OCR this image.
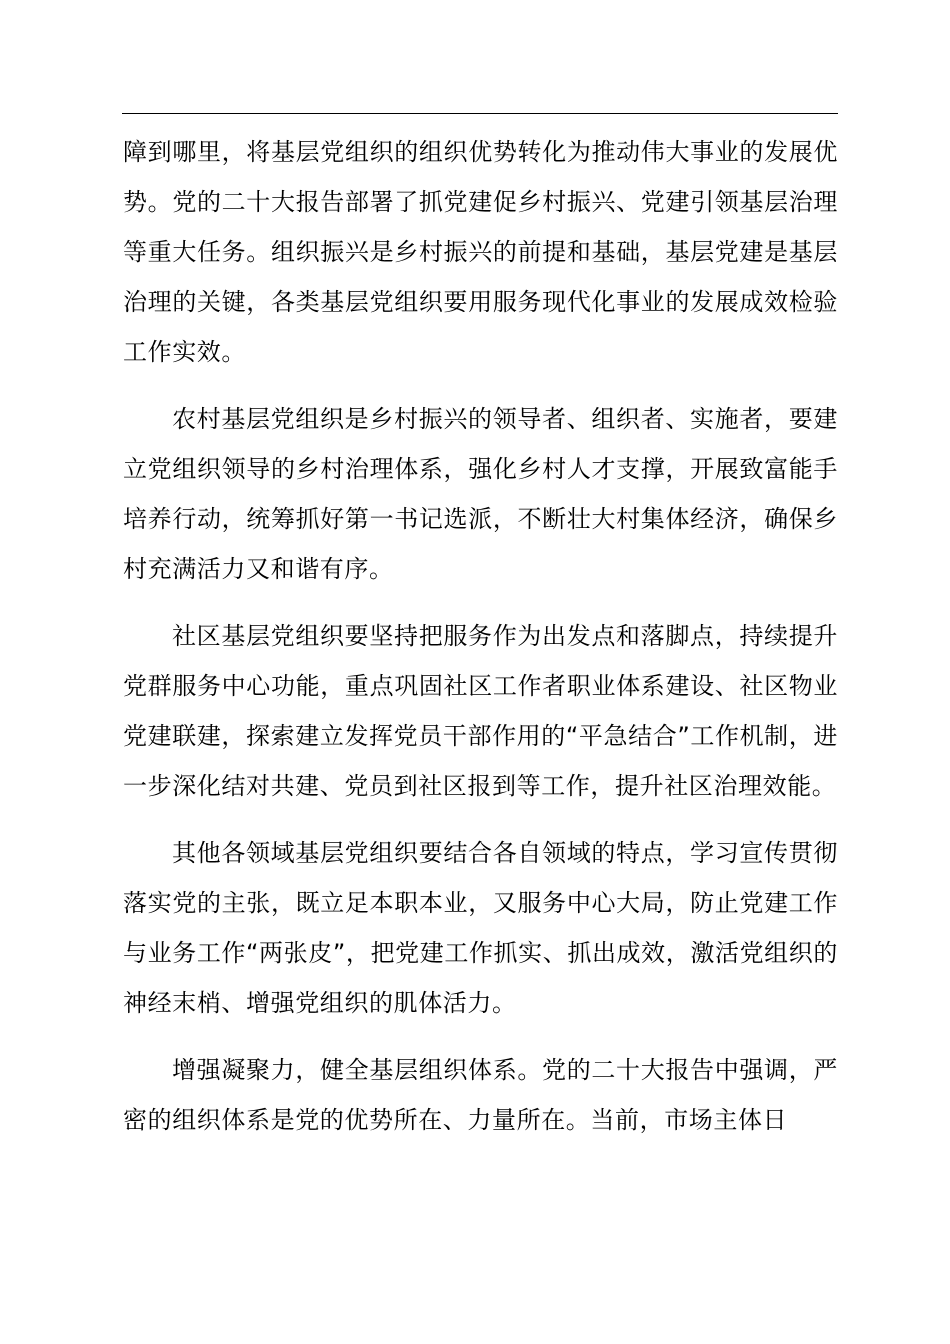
障到哪里，将基层党组织的组织优势转化为推动伟大事业的发展优势。党的二十大报告部署了抓党建促乡村振兴、党建引领基层治理等重大任务。组织振兴是乡村振兴的前提和基础，基层党建是基层治理的关键，各类基层党组织要用服务现代化事业的发展成效检验工作实效。

农村基层党组织是乡村振兴的领导者、组织者、实施者，要建立党组织领导的乡村治理体系，强化乡村人才支撑，开展致富能手培养行动，统筹抓好第一书记选派，不断壮大村集体经济，确保乡村充满活力又和谐有序。

社区基层党组织要坚持把服务作为出发点和落脚点，持续提升党群服务中心功能，重点巩固社区工作者职业体系建设、社区物业党建联建，探索建立发挥党员干部作用的“平急结合”工作机制，进一步深化结对共建、党员到社区报到等工作，提升社区治理效能。

其他各领域基层党组织要结合各自领域的特点，学习宣传贯彻落实党的主张，既立足本职本业，又服务中心大局，防止党建工作与业务工作“两张皮”，把党建工作抓实、抓出成效，激活党组织的神经末梢、增强党组织的肌体活力。

增强凝聚力，健全基层组织体系。党的二十大报告中强调，严密的组织体系是党的优势所在、力量所在。当前，市场主体日
